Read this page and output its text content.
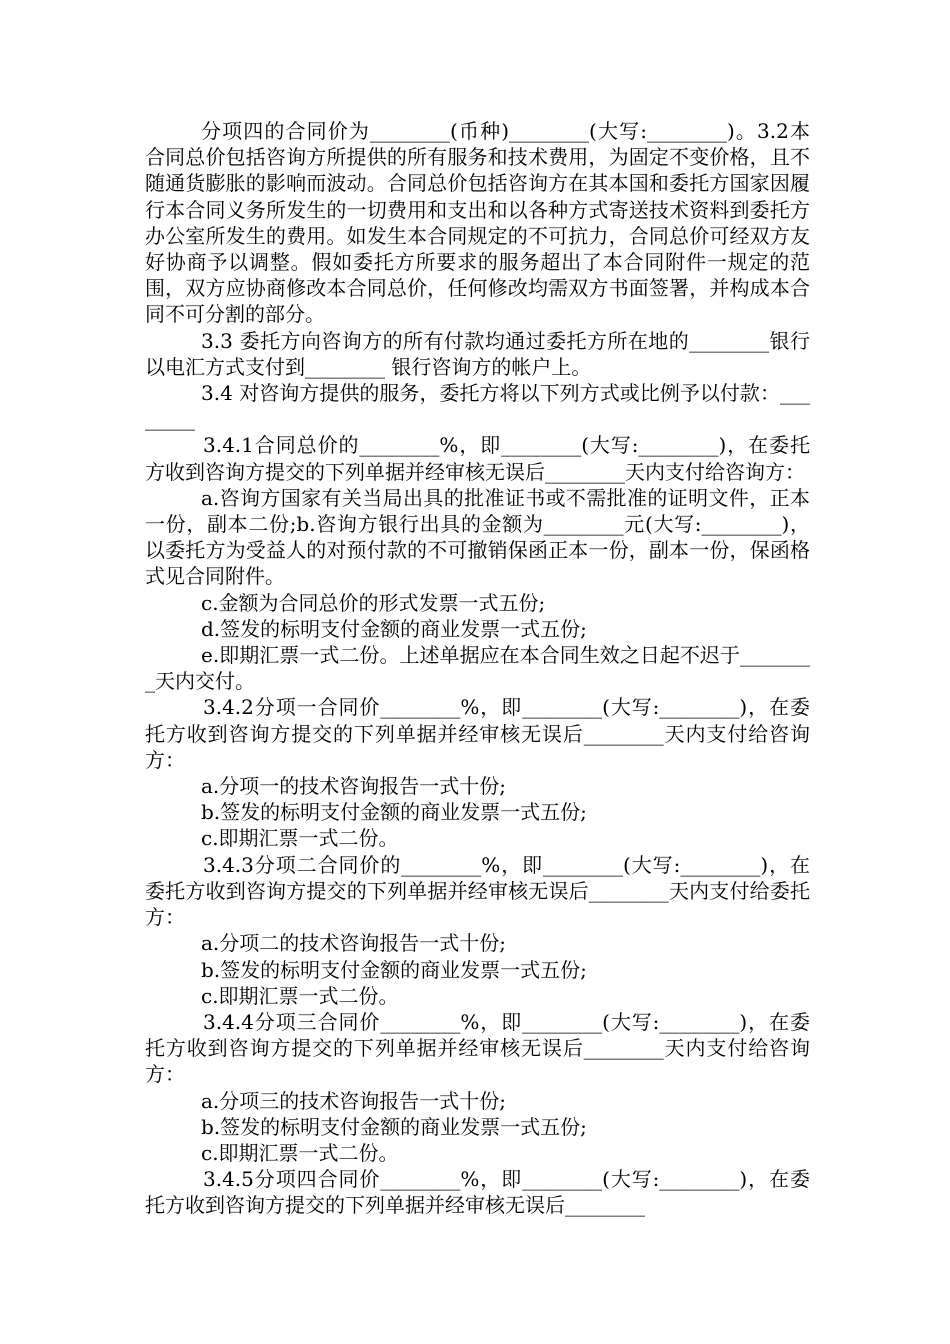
分项四的合同价为________(币种)________(大写:________)。3.2本合同总价包括咨询方所提供的所有服务和技术费用，为固定不变价格，且不随通货膨胀的影响而波动。合同总价包括咨询方在其本国和委托方国家因履行本合同义务所发生的一切费用和支出和以各种方式寄送技术资料到委托方办公室所发生的费用。如发生本合同规定的不可抗力，合同总价可经双方友好协商予以调整。假如委托方所要求的服务超出了本合同附件一规定的范围，双方应协商修改本合同总价，任何修改均需双方书面签署，并构成本合同不可分割的部分。

3.3 委托方向咨询方的所有付款均通过委托方所在地的________银行以电汇方式支付到________ 银行咨询方的帐户上。

3.4 对咨询方提供的服务，委托方将以下列方式或比例予以付款：________

3.4.1合同总价的________%，即________(大写:________)，在委托方收到咨询方提交的下列单据并经审核无误后________天内支付给咨询方：

a.咨询方国家有关当局出具的批准证书或不需批准的证明文件，正本一份，副本二份;b.咨询方银行出具的金额为________元(大写:________)，以委托方为受益人的对预付款的不可撤销保函正本一份，副本一份，保函格式见合同附件。

c.金额为合同总价的形式发票一式五份;

d.签发的标明支付金额的商业发票一式五份;

e.即期汇票一式二份。上述单据应在本合同生效之日起不迟于________天内交付。

3.4.2分项一合同价________%，即________(大写:________)，在委托方收到咨询方提交的下列单据并经审核无误后________天内支付给咨询方：

a.分项一的技术咨询报告一式十份;

b.签发的标明支付金额的商业发票一式五份;

c.即期汇票一式二份。

3.4.3分项二合同价的________%，即________(大写:________)，在委托方收到咨询方提交的下列单据并经审核无误后________天内支付给委托方：

a.分项二的技术咨询报告一式十份;

b.签发的标明支付金额的商业发票一式五份;

c.即期汇票一式二份。

3.4.4分项三合同价________%，即________(大写:________)，在委托方收到咨询方提交的下列单据并经审核无误后________天内支付给咨询方：

a.分项三的技术咨询报告一式十份;

b.签发的标明支付金额的商业发票一式五份;

c.即期汇票一式二份。

3.4.5分项四合同价________%，即________(大写:________)，在委托方收到咨询方提交的下列单据并经审核无误后________
